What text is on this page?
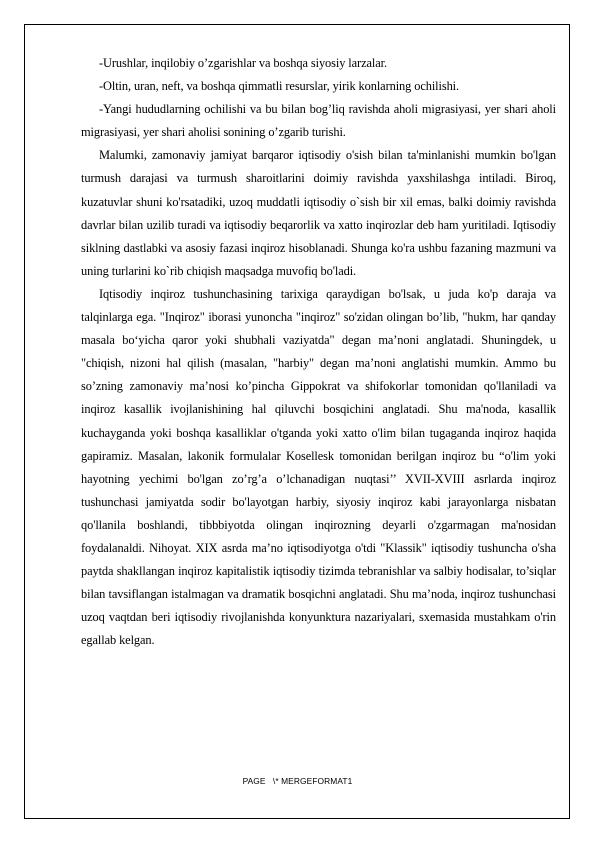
-Urushlar, inqilobiy o’zgarishlar va boshqa siyosiy larzalar.

-Oltin, uran, neft, va boshqa qimmatli resurslar, yirik konlarning ochilishi.

-Yangi hududlarning ochilishi va bu bilan bog’liq ravishda aholi migrasiyasi, yer shari aholi migrasiyasi, yer shari aholisi sonining o’zgarib turishi.

Malumki, zamonaviy jamiyat barqaror iqtisodiy o'sish bilan ta'minlanishi mumkin bo'lgan turmush darajasi va turmush sharoitlarini doimiy ravishda yaxshilashga intiladi. Biroq, kuzatuvlar shuni ko'rsatadiki, uzoq muddatli iqtisodiy o`sish bir xil emas, balki doimiy ravishda davrlar bilan uzilib turadi va iqtisodiy beqarorlik va xatto inqirozlar deb ham yuritiladi. Iqtisodiy siklning dastlabki va asosiy fazasi inqiroz hisoblanadi. Shunga ko'ra ushbu fazaning mazmuni va uning turlarini ko`rib chiqish maqsadga muvofiq bo'ladi.

Iqtisodiy inqiroz tushunchasining tarixiga qaraydigan bo'lsak, u juda ko'p daraja va talqinlarga ega. "Inqiroz" iborasi yunoncha "inqiroz" so'zidan olingan bo’lib, "hukm, har qanday masala bo‘yicha qaror yoki shubhali vaziyatda" degan ma’noni anglatadi. Shuningdek, u "chiqish, nizoni hal qilish (masalan, "harbiy" degan ma’noni anglatishi mumkin. Ammo bu so’zning zamonaviy ma’nosi ko’pincha Gippokrat va shifokorlar tomonidan qo'llaniladi va inqiroz kasallik ivojlanishining hal qiluvchi bosqichini anglatadi. Shu ma'noda, kasallik kuchayganda yoki boshqa kasalliklar o'tganda yoki xatto o'lim bilan tugaganda inqiroz haqida gapiramiz. Masalan, lakonik formulalar Kosellesk tomonidan berilgan inqiroz bu “o'lim yoki hayotning yechimi bo'lgan zo’rg’a o’lchanadigan nuqtasi’’ XVII-XVIII asrlarda inqiroz tushunchasi jamiyatda sodir bo'layotgan harbiy, siyosiy inqiroz kabi jarayonlarga nisbatan qo'llanila boshlandi, tibbbiyotda olingan inqirozning deyarli o'zgarmagan ma'nosidan foydalanaldi. Nihoyat. XIX asrda ma’no iqtisodiyotga o'tdi "Klassik" iqtisodiy tushuncha o'sha paytda shakllangan inqiroz kapitalistik iqtisodiy tizimda tebranishlar va salbiy hodisalar, to’siqlar bilan tavsiflangan istalmagan va dramatik bosqichni anglatadi. Shu ma’noda, inqiroz tushunchasi uzoq vaqtdan beri iqtisodiy rivojlanishda konyunktura nazariyalari, sxemasida mustahkam o'rin egallab kelgan.

PAGE   \* MERGEFORMAT1
